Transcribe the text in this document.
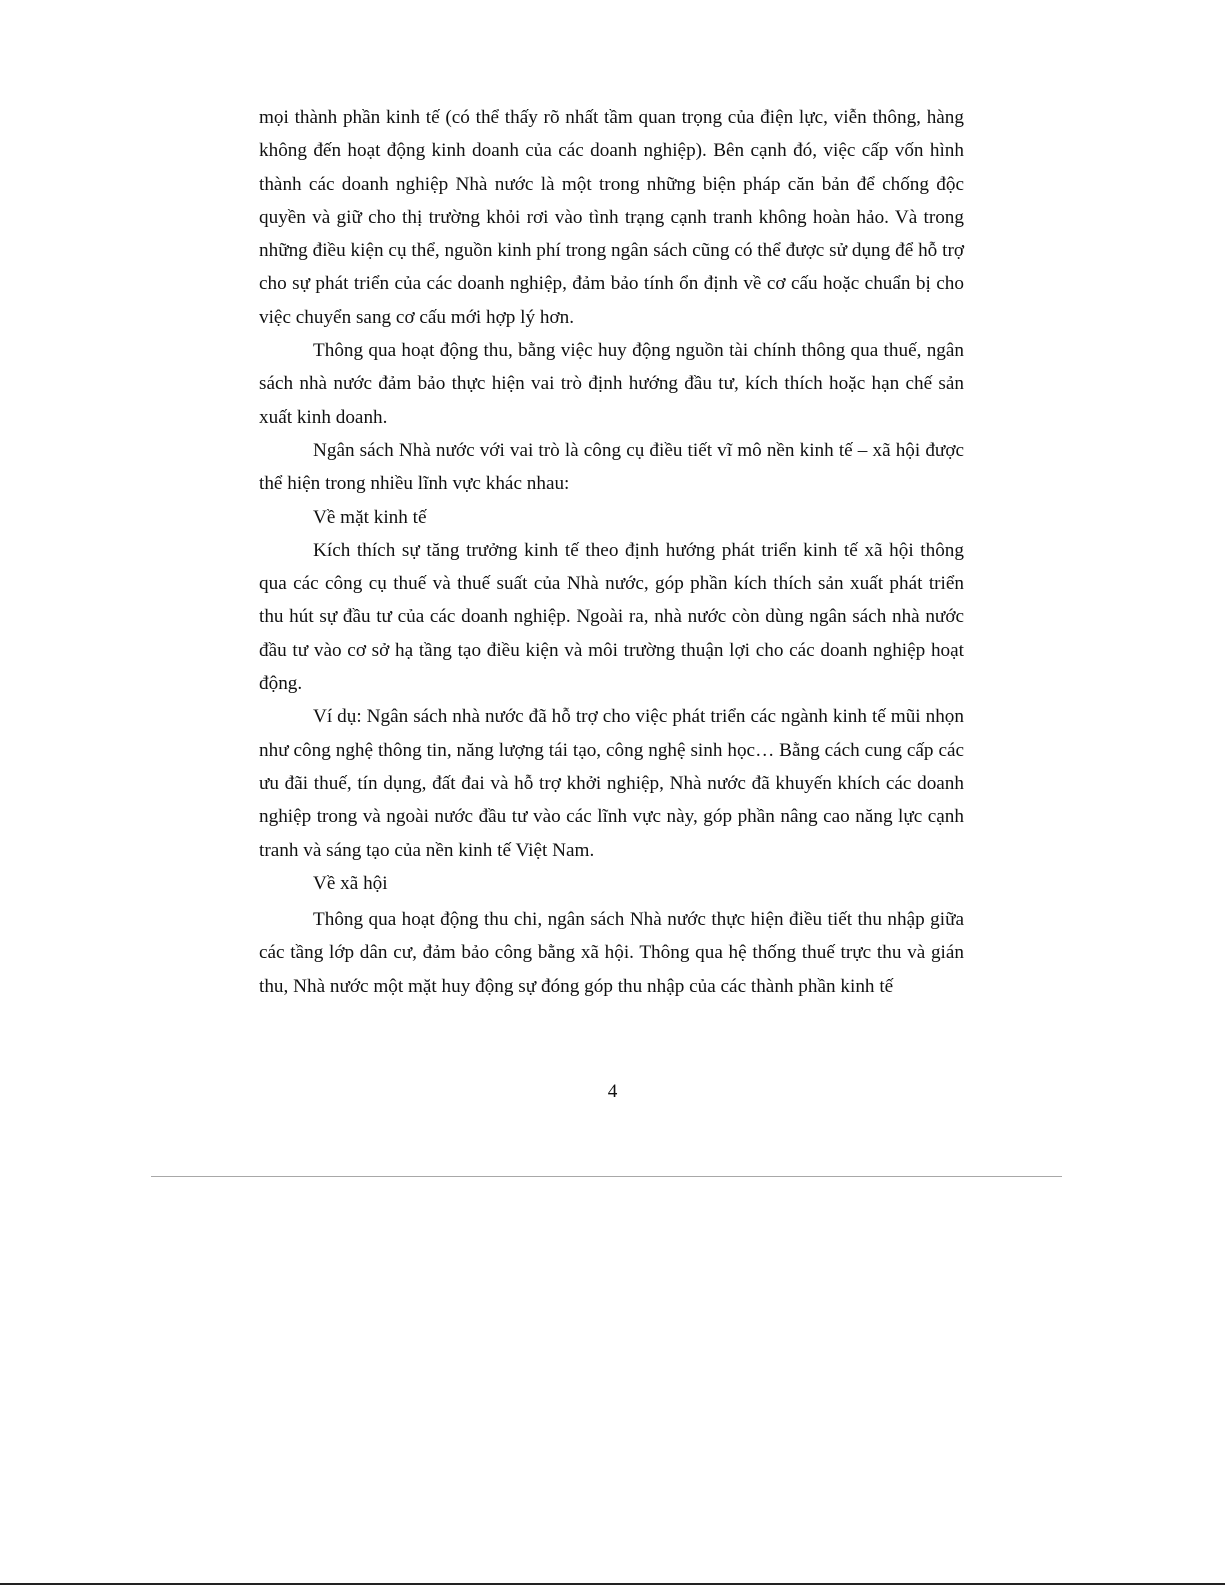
mọi thành phần kinh tế (có thể thấy rõ nhất tầm quan trọng của điện lực, viễn thông, hàng không đến hoạt động kinh doanh của các doanh nghiệp). Bên cạnh đó, việc cấp vốn hình thành các doanh nghiệp Nhà nước là một trong những biện pháp căn bản để chống độc quyền và giữ cho thị trường khỏi rơi vào tình trạng cạnh tranh không hoàn hảo. Và trong những điều kiện cụ thể, nguồn kinh phí trong ngân sách cũng có thể được sử dụng để hỗ trợ cho sự phát triển của các doanh nghiệp, đảm bảo tính ổn định về cơ cấu hoặc chuẩn bị cho việc chuyển sang cơ cấu mới hợp lý hơn.

Thông qua hoạt động thu, bằng việc huy động nguồn tài chính thông qua thuế, ngân sách nhà nước đảm bảo thực hiện vai trò định hướng đầu tư, kích thích hoặc hạn chế sản xuất kinh doanh.

Ngân sách Nhà nước với vai trò là công cụ điều tiết vĩ mô nền kinh tế – xã hội được thể hiện trong nhiều lĩnh vực khác nhau:

Về mặt kinh tế

Kích thích sự tăng trưởng kinh tế theo định hướng phát triển kinh tế xã hội thông qua các công cụ thuế và thuế suất của Nhà nước, góp phần kích thích sản xuất phát triển thu hút sự đầu tư của các doanh nghiệp. Ngoài ra, nhà nước còn dùng ngân sách nhà nước đầu tư vào cơ sở hạ tầng tạo điều kiện và môi trường thuận lợi cho các doanh nghiệp hoạt động.

Ví dụ: Ngân sách nhà nước đã hỗ trợ cho việc phát triển các ngành kinh tế mũi nhọn như công nghệ thông tin, năng lượng tái tạo, công nghệ sinh học… Bằng cách cung cấp các ưu đãi thuế, tín dụng, đất đai và hỗ trợ khởi nghiệp, Nhà nước đã khuyến khích các doanh nghiệp trong và ngoài nước đầu tư vào các lĩnh vực này, góp phần nâng cao năng lực cạnh tranh và sáng tạo của nền kinh tế Việt Nam.

Về xã hội

Thông qua hoạt động thu chi, ngân sách Nhà nước thực hiện điều tiết thu nhập giữa các tầng lớp dân cư, đảm bảo công bằng xã hội. Thông qua hệ thống thuế trực thu và gián thu, Nhà nước một mặt huy động sự đóng góp thu nhập của các thành phần kinh tế

4
